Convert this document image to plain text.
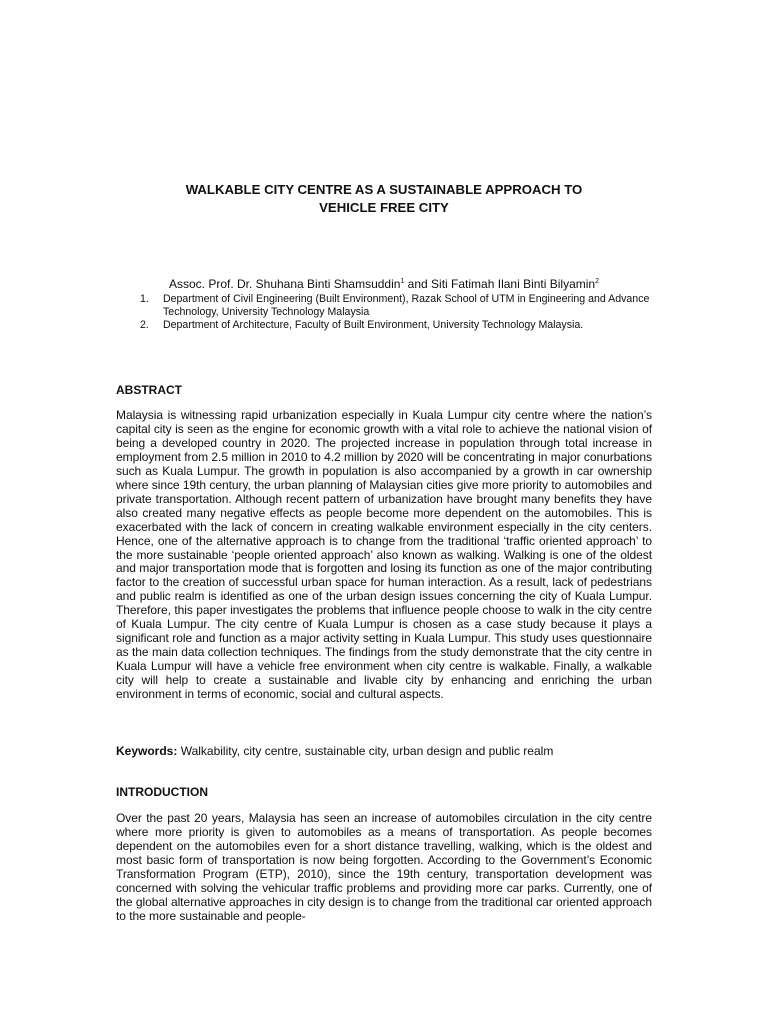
WALKABLE CITY CENTRE AS A SUSTAINABLE APPROACH TO
VEHICLE FREE CITY

Assoc. Prof. Dr. Shuhana Binti Shamsuddin$^1$ and Siti Fatimah Ilani Binti Bilyamin$^2$

1. Department of Civil Engineering (Built Environment), Razak School of UTM in Engineering and Advance Technology, University Technology Malaysia
2. Department of Architecture, Faculty of Built Environment, University Technology Malaysia.
ABSTRACT

Malaysia is witnessing rapid urbanization especially in Kuala Lumpur city centre where the nation’s capital city is seen as the engine for economic growth with a vital role to achieve the national vision of being a developed country in 2020. The projected increase in population through total increase in employment from 2.5 million in 2010 to 4.2 million by 2020 will be concentrating in major conurbations such as Kuala Lumpur. The growth in population is also accompanied by a growth in car ownership where since 19th century, the urban planning of Malaysian cities give more priority to automobiles and private transportation. Although recent pattern of urbanization have brought many benefits they have also created many negative effects as people become more dependent on the automobiles. This is exacerbated with the lack of concern in creating walkable environment especially in the city centers. Hence, one of the alternative approach is to change from the traditional ‘traffic oriented approach’ to the more sustainable ‘people oriented approach’ also known as walking. Walking is one of the oldest and major transportation mode that is forgotten and losing its function as one of the major contributing factor to the creation of successful urban space for human interaction. As a result, lack of pedestrians and public realm is identified as one of the urban design issues concerning the city of Kuala Lumpur. Therefore, this paper investigates the problems that influence people choose to walk in the city centre of Kuala Lumpur. The city centre of Kuala Lumpur is chosen as a case study because it plays a significant role and function as a major activity setting in Kuala Lumpur. This study uses questionnaire as the main data collection techniques. The findings from the study demonstrate that the city centre in Kuala Lumpur will have a vehicle free environment when city centre is walkable. Finally, a walkable city will help to create a sustainable and livable city by enhancing and enriching the urban environment in terms of economic, social and cultural aspects.

Keywords: Walkability, city centre, sustainable city, urban design and public realm

INTRODUCTION

Over the past 20 years, Malaysia has seen an increase of automobiles circulation in the city centre where more priority is given to automobiles as a means of transportation. As people becomes dependent on the automobiles even for a short distance travelling, walking, which is the oldest and most basic form of transportation is now being forgotten. According to the Government’s Economic Transformation Program (ETP), 2010), since the 19th century, transportation development was concerned with solving the vehicular traffic problems and providing more car parks. Currently, one of the global alternative approaches in city design is to change from the traditional car oriented approach to the more sustainable and people-
